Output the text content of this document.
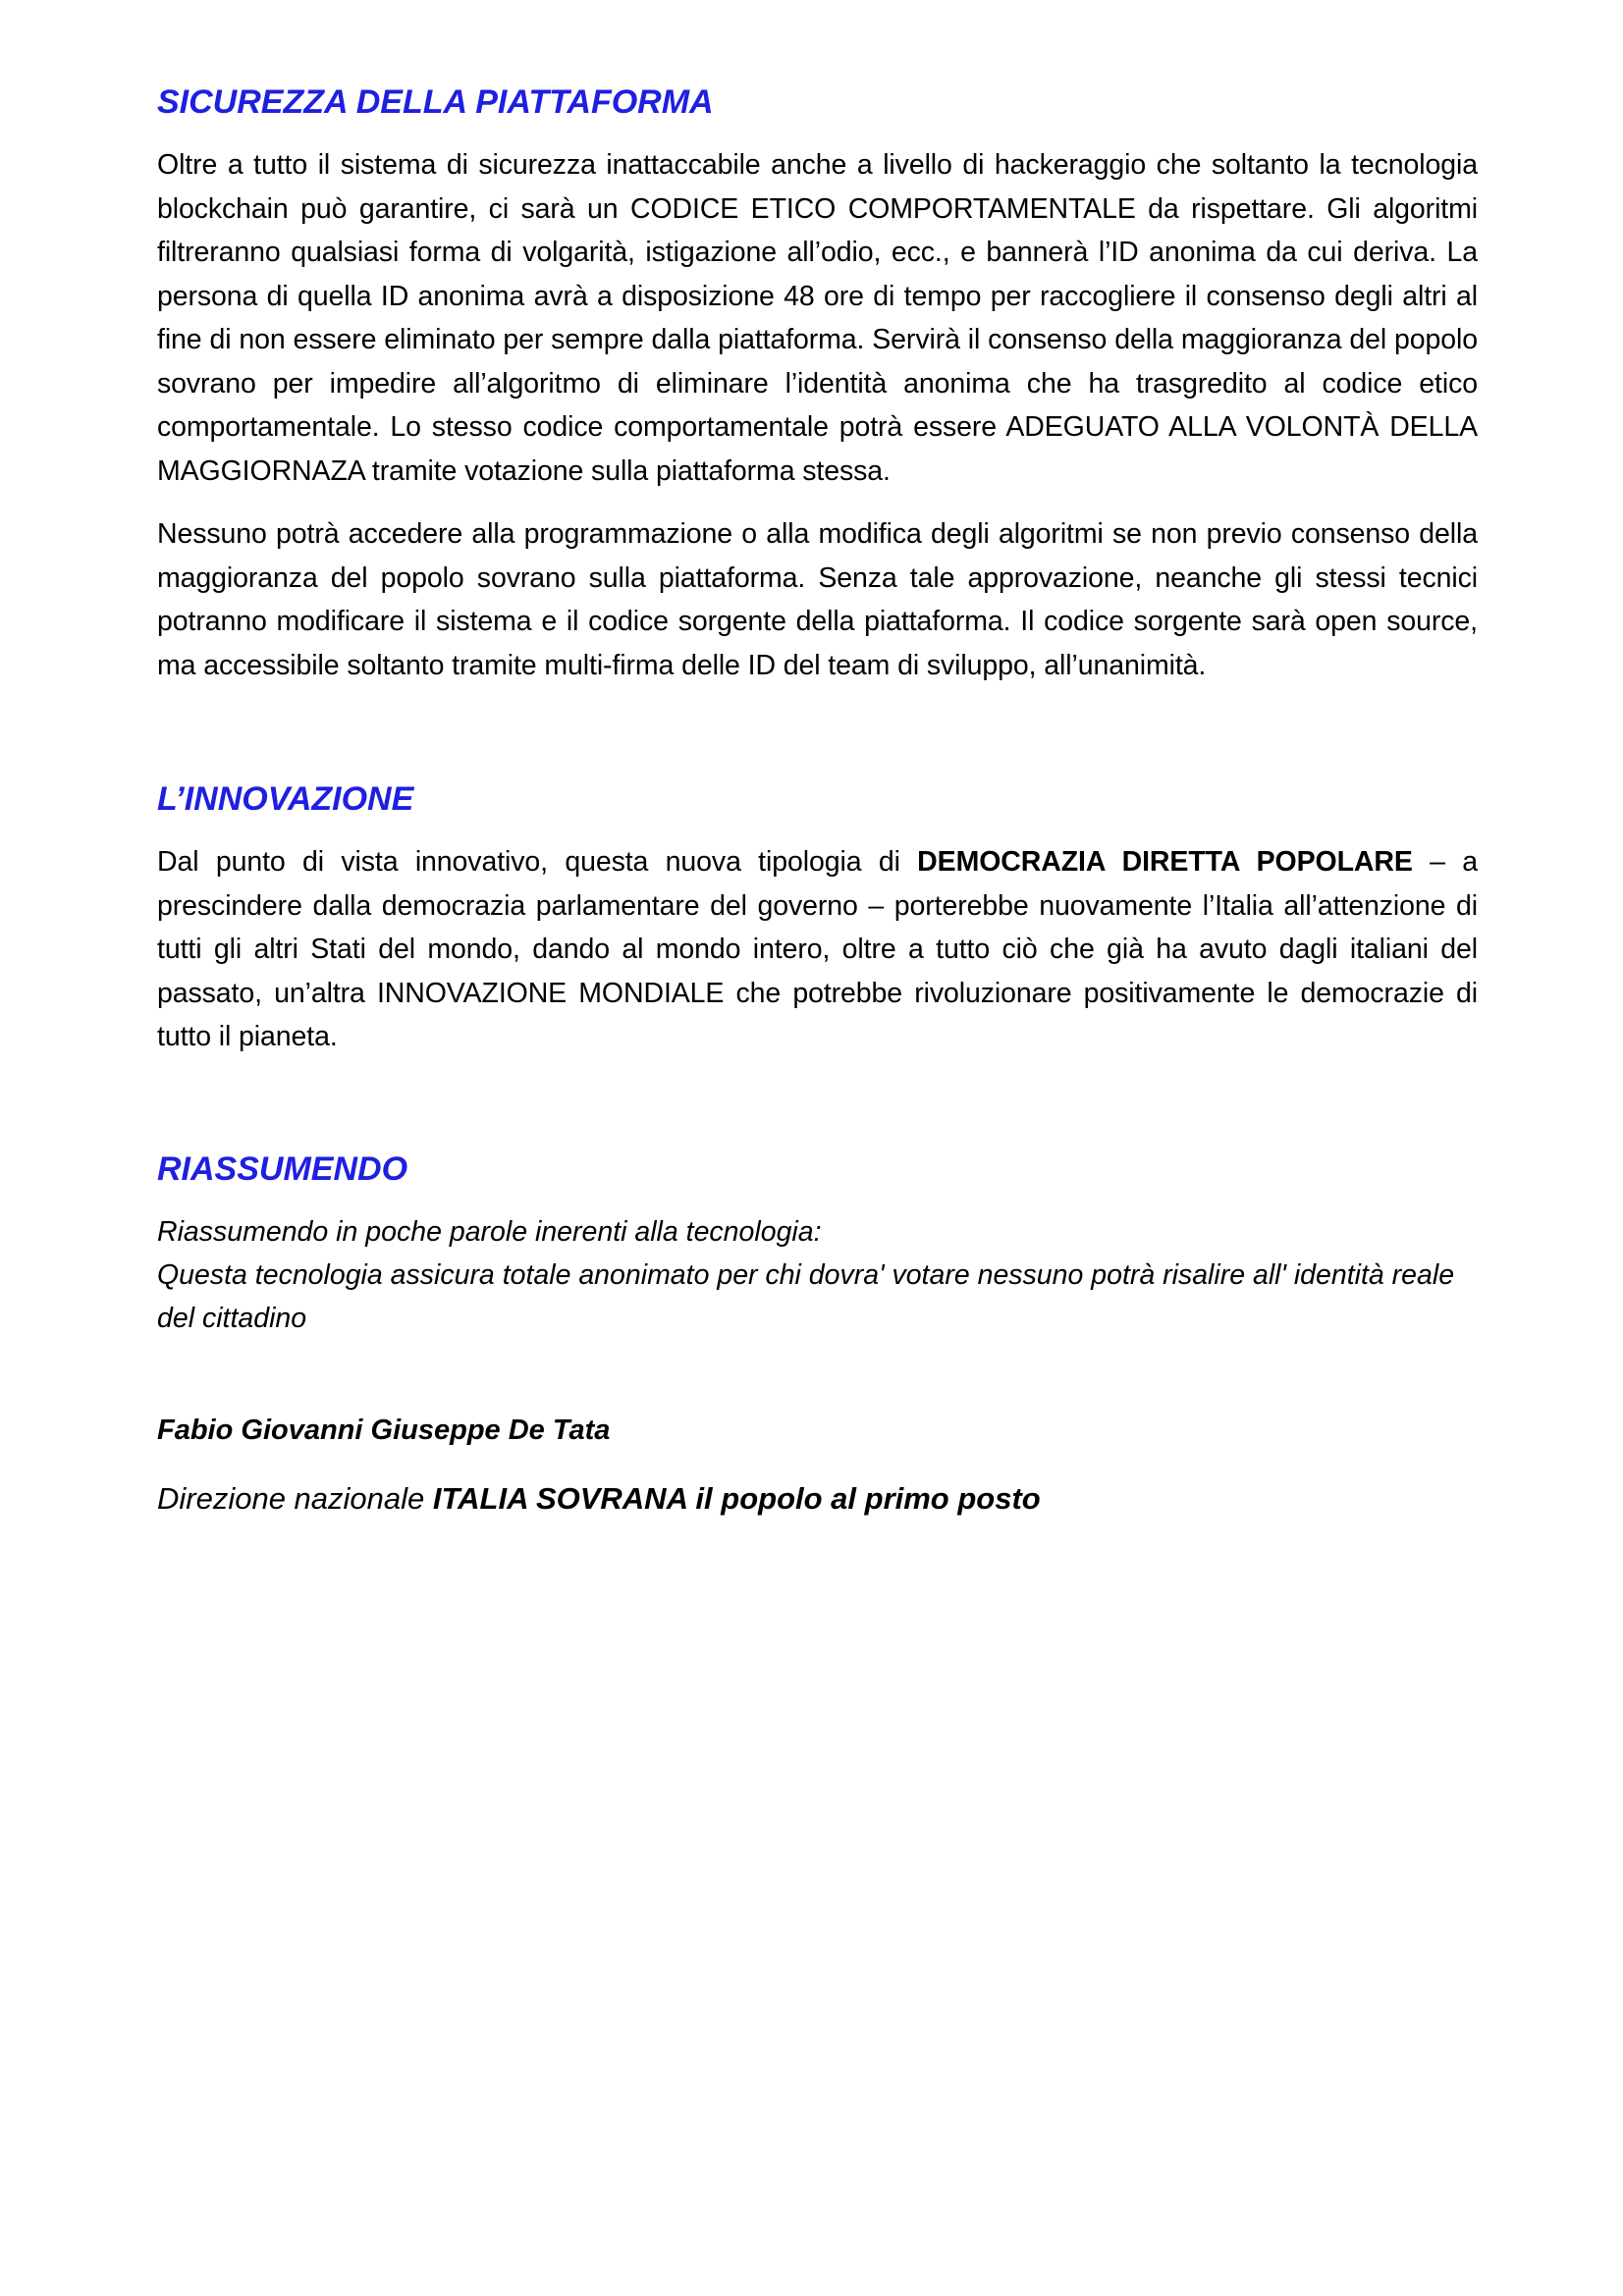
SICUREZZA DELLA PIATTAFORMA

Oltre a tutto il sistema di sicurezza inattaccabile anche a livello di hackeraggio che soltanto la tecnologia blockchain può garantire, ci sarà un CODICE ETICO COMPORTAMENTALE da rispettare. Gli algoritmi filtreranno qualsiasi forma di volgarità, istigazione all’odio, ecc., e bannerà l’ID anonima da cui deriva. La persona di quella ID anonima avrà a disposizione 48 ore di tempo per raccogliere il consenso degli altri al fine di non essere eliminato per sempre dalla piattaforma. Servirà il consenso della maggioranza del popolo sovrano per impedire all’algoritmo di eliminare l’identità anonima che ha trasgredito al codice etico comportamentale. Lo stesso codice comportamentale potrà essere ADEGUATO ALLA VOLONTÀ DELLA MAGGIORNAZA tramite votazione sulla piattaforma stessa.

Nessuno potrà accedere alla programmazione o alla modifica degli algoritmi se non previo consenso della maggioranza del popolo sovrano sulla piattaforma. Senza tale approvazione, neanche gli stessi tecnici potranno modificare il sistema e il codice sorgente della piattaforma. Il codice sorgente sarà open source, ma accessibile soltanto tramite multi-firma delle ID del team di sviluppo, all’unanimità.

L’INNOVAZIONE

Dal punto di vista innovativo, questa nuova tipologia di DEMOCRAZIA DIRETTA POPOLARE – a prescindere dalla democrazia parlamentare del governo – porterebbe nuovamente l’Italia all’attenzione di tutti gli altri Stati del mondo, dando al mondo intero, oltre a tutto ciò che già ha avuto dagli italiani del passato, un’altra INNOVAZIONE MONDIALE che potrebbe rivoluzionare positivamente le democrazie di tutto il pianeta.

RIASSUMENDO

Riassumendo in poche parole inerenti alla tecnologia:

Questa tecnologia assicura totale anonimato per chi dovra' votare nessuno potrà risalire all' identità reale del cittadino

Fabio Giovanni Giuseppe De Tata

Direzione nazionale ITALIA SOVRANA il popolo al primo posto
